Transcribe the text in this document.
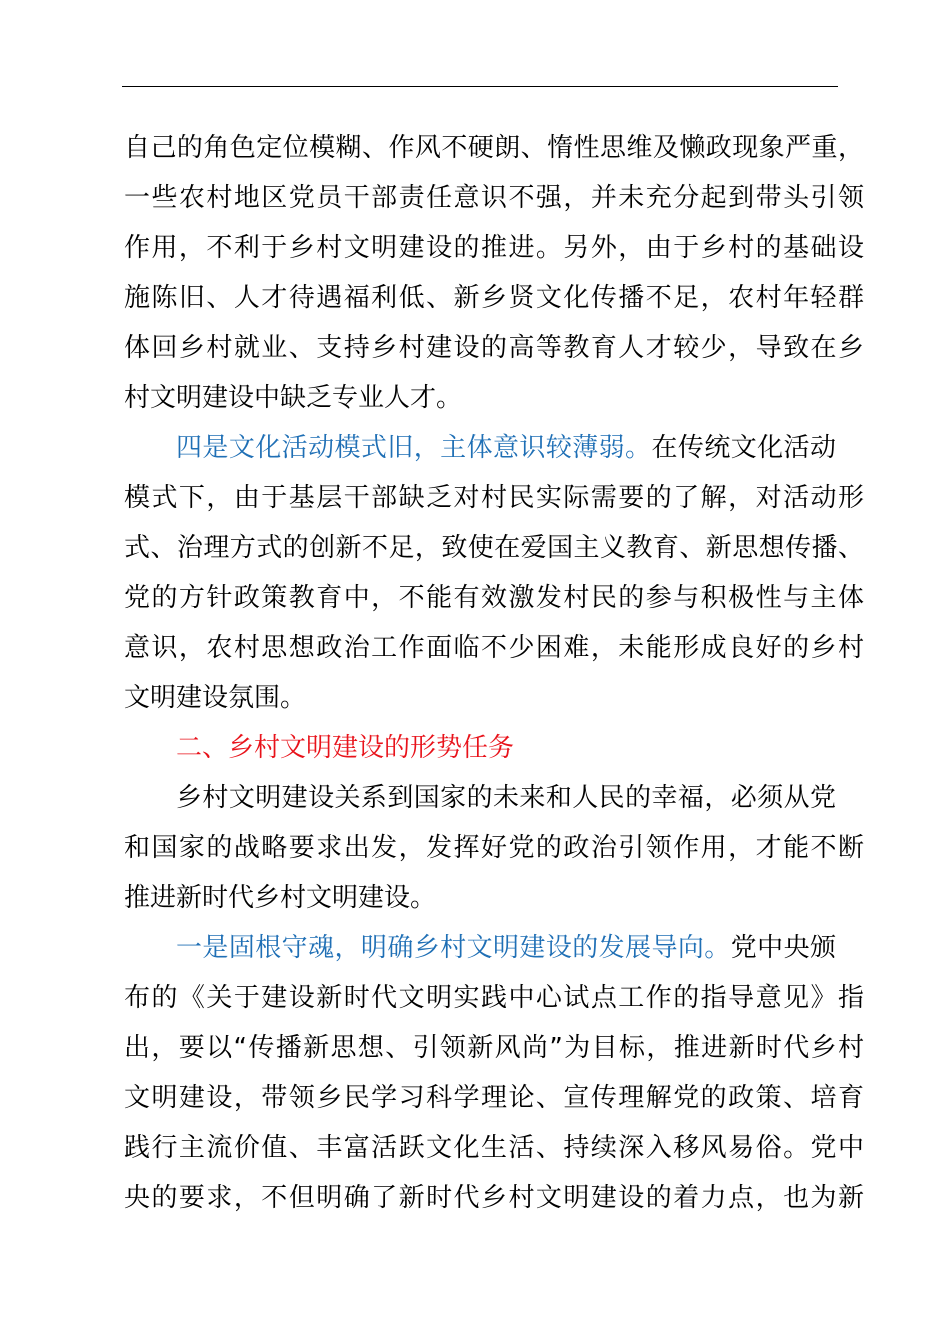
自己的角色定位模糊、作风不硬朗、惰性思维及懒政现象严重，
一些农村地区党员干部责任意识不强，并未充分起到带头引领
作用，不利于乡村文明建设的推进。另外，由于乡村的基础设
施陈旧、人才待遇福利低、新乡贤文化传播不足，农村年轻群
体回乡村就业、支持乡村建设的高等教育人才较少，导致在乡
村文明建设中缺乏专业人才。
四是文化活动模式旧，主体意识较薄弱。在传统文化活动
模式下，由于基层干部缺乏对村民实际需要的了解，对活动形
式、治理方式的创新不足，致使在爱国主义教育、新思想传播、
党的方针政策教育中，不能有效激发村民的参与积极性与主体
意识，农村思想政治工作面临不少困难，未能形成良好的乡村
文明建设氛围。
二、乡村文明建设的形势任务
乡村文明建设关系到国家的未来和人民的幸福，必须从党
和国家的战略要求出发，发挥好党的政治引领作用，才能不断
推进新时代乡村文明建设。
一是固根守魂，明确乡村文明建设的发展导向。党中央颁
布的《关于建设新时代文明实践中心试点工作的指导意见》指
出，要以“传播新思想、引领新风尚”为目标，推进新时代乡村
文明建设，带领乡民学习科学理论、宣传理解党的政策、培育
践行主流价值、丰富活跃文化生活、持续深入移风易俗。党中
央的要求，不但明确了新时代乡村文明建设的着力点，也为新
